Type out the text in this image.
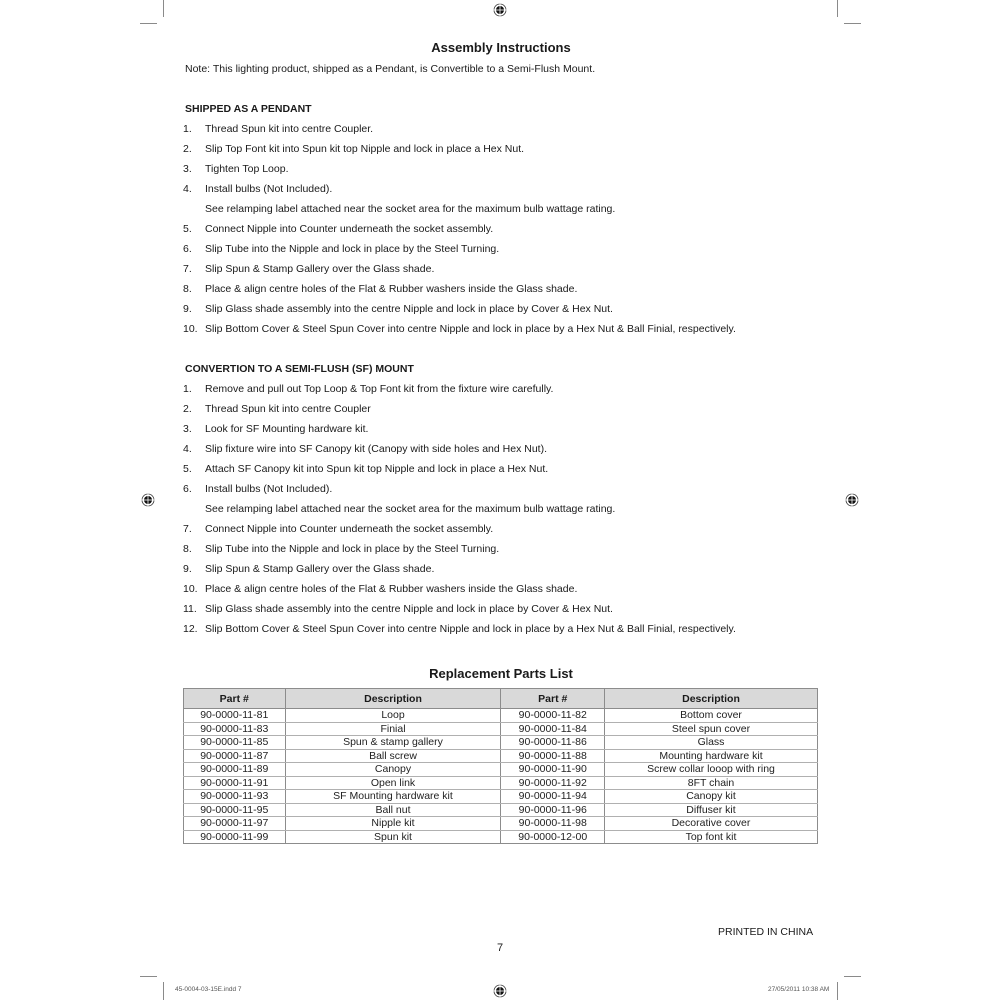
Assembly Instructions
Note: This lighting product, shipped as a Pendant, is Convertible to a Semi-Flush Mount.
SHIPPED AS A PENDANT
1. Thread Spun kit into centre Coupler.
2. Slip Top Font kit into Spun kit top Nipple and lock in place a Hex Nut.
3. Tighten Top Loop.
4. Install bulbs (Not Included).
See relamping label attached near the socket area for the maximum bulb wattage rating.
5. Connect Nipple into Counter underneath the socket assembly.
6. Slip Tube into the Nipple and lock in place by the Steel Turning.
7. Slip Spun & Stamp Gallery over the Glass shade.
8. Place & align centre holes of the Flat & Rubber washers inside the Glass shade.
9. Slip Glass shade assembly into the centre Nipple and lock in place by Cover & Hex Nut.
10. Slip Bottom Cover & Steel Spun Cover into centre Nipple and lock in place by a Hex Nut & Ball Finial, respectively.
CONVERTION TO A SEMI-FLUSH (SF) MOUNT
1. Remove and pull out Top Loop & Top Font kit from the fixture wire carefully.
2. Thread Spun kit into centre Coupler
3. Look for SF Mounting hardware kit.
4. Slip fixture wire into SF Canopy kit (Canopy with side holes and Hex Nut).
5. Attach SF Canopy kit into Spun kit top Nipple and lock in place a Hex Nut.
6. Install bulbs (Not Included).
See relamping label attached near the socket area for the maximum bulb wattage rating.
7. Connect Nipple into Counter underneath the socket assembly.
8. Slip Tube into the Nipple and lock in place by the Steel Turning.
9. Slip Spun & Stamp Gallery over the Glass shade.
10. Place & align centre holes of the Flat & Rubber washers inside the Glass shade.
11. Slip Glass shade assembly into the centre Nipple and lock in place by Cover & Hex Nut.
12. Slip Bottom Cover & Steel Spun Cover into centre Nipple and lock in place by a Hex Nut & Ball Finial, respectively.
Replacement Parts List
Part #	Description	Part #	Description
90-0000-11-81	Loop	90-0000-11-82	Bottom cover
90-0000-11-83	Finial	90-0000-11-84	Steel spun cover
90-0000-11-85	Spun & stamp gallery	90-0000-11-86	Glass
90-0000-11-87	Ball screw	90-0000-11-88	Mounting hardware kit
90-0000-11-89	Canopy	90-0000-11-90	Screw collar looop with ring
90-0000-11-91	Open link	90-0000-11-92	8FT chain
90-0000-11-93	SF Mounting hardware kit	90-0000-11-94	Canopy kit
90-0000-11-95	Ball nut	90-0000-11-96	Diffuser kit
90-0000-11-97	Nipple kit	90-0000-11-98	Decorative cover
90-0000-11-99	Spun kit	90-0000-12-00	Top font kit
PRINTED IN CHINA
7
45-0004-03-15E.indd 7	27/05/2011 10:38 AM
